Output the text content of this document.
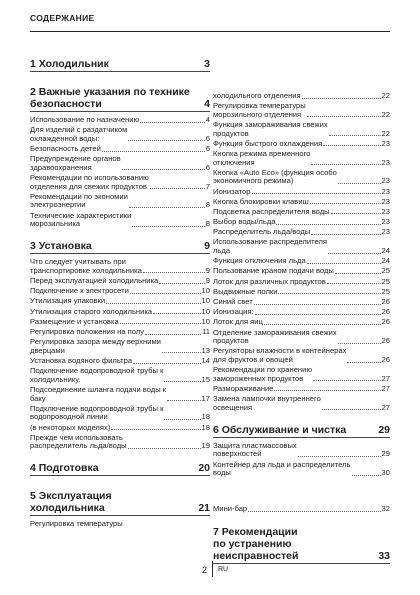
СОДЕРЖАНИЕ
1 Холодильник	3
2 Важные указания по технике
безопасности	4
Использование по назначению	4
Для изделий с раздатчиком
охлажденной воды:	6
Безопасность детей	6
Предупреждение органов
здравоохранения	6
Рекомендации по использованию
отделения для свежих продуктов	7
Рекомендации по экономии
электроэнергии	8
Технические характеристики
морозильника	8
3 Установка	9
Что следует учитывать при
транспортировке холодильника	9
Перед эксплуатацией холодильника	9
Подключение к электросети	10
Утилизация упаковки	10
Утилизация старого холодильника	10
Размещение и установка	10
Регулировка положения на полу	11
Регулировка зазора между верхними
дверцами	13
Установка водяного фильтра	14
Подключение водопроводной трубы к
холодильнику.	15
Подсоединение шланга подачи воды к
баку	17
Подключение водопроводной трубы к
водопроводной линии	18
(в некоторых моделях)	18
Прежде чем использовать
распределитель льда/воды	19
4 Подготовка	20
5 Эксплуатация
холодильника	21
Регулировка температуры
холодильного отделения	22
Регулировка температуры
морозильного отделения	22
Функция замораживания свежих
продуктов	22
Функция быстрого охлаждения	23
Кнопка режима временного
отключения	23
Кнопка «Auto Eco» (функция особо
экономичного режима)	23
Ионизатор	23
Кнопка блокировки клавиш	23
Подсветка распределителя воды	23
Выбор воды/льда	23
Распределитель льда/воды	23
Использование распределителя
льда	24
Функция отключения льда	24
Пользование краном подачи воды	25
Лоток для различных продуктов	25
Выдвижные полки	25
Синий свет	26
Ионизация:	26
Лоток для яиц	26
Отделение замораживания свежих
продуктов	26
Регуляторы влажности в контейнерах
для фруктов и овощей	26
Рекомендации по хранению
замороженных продуктов	27
Размораживание	27
Замена лампочки внутреннего
освещения	27
6 Обслуживание и чистка	29
Защита пластмассовых
поверхностей	29
Контейнер для льда и распределитель
воды	30
Мини-бар	32
7 Рекомендации
по устранению
неисправностей	33
2 RU
